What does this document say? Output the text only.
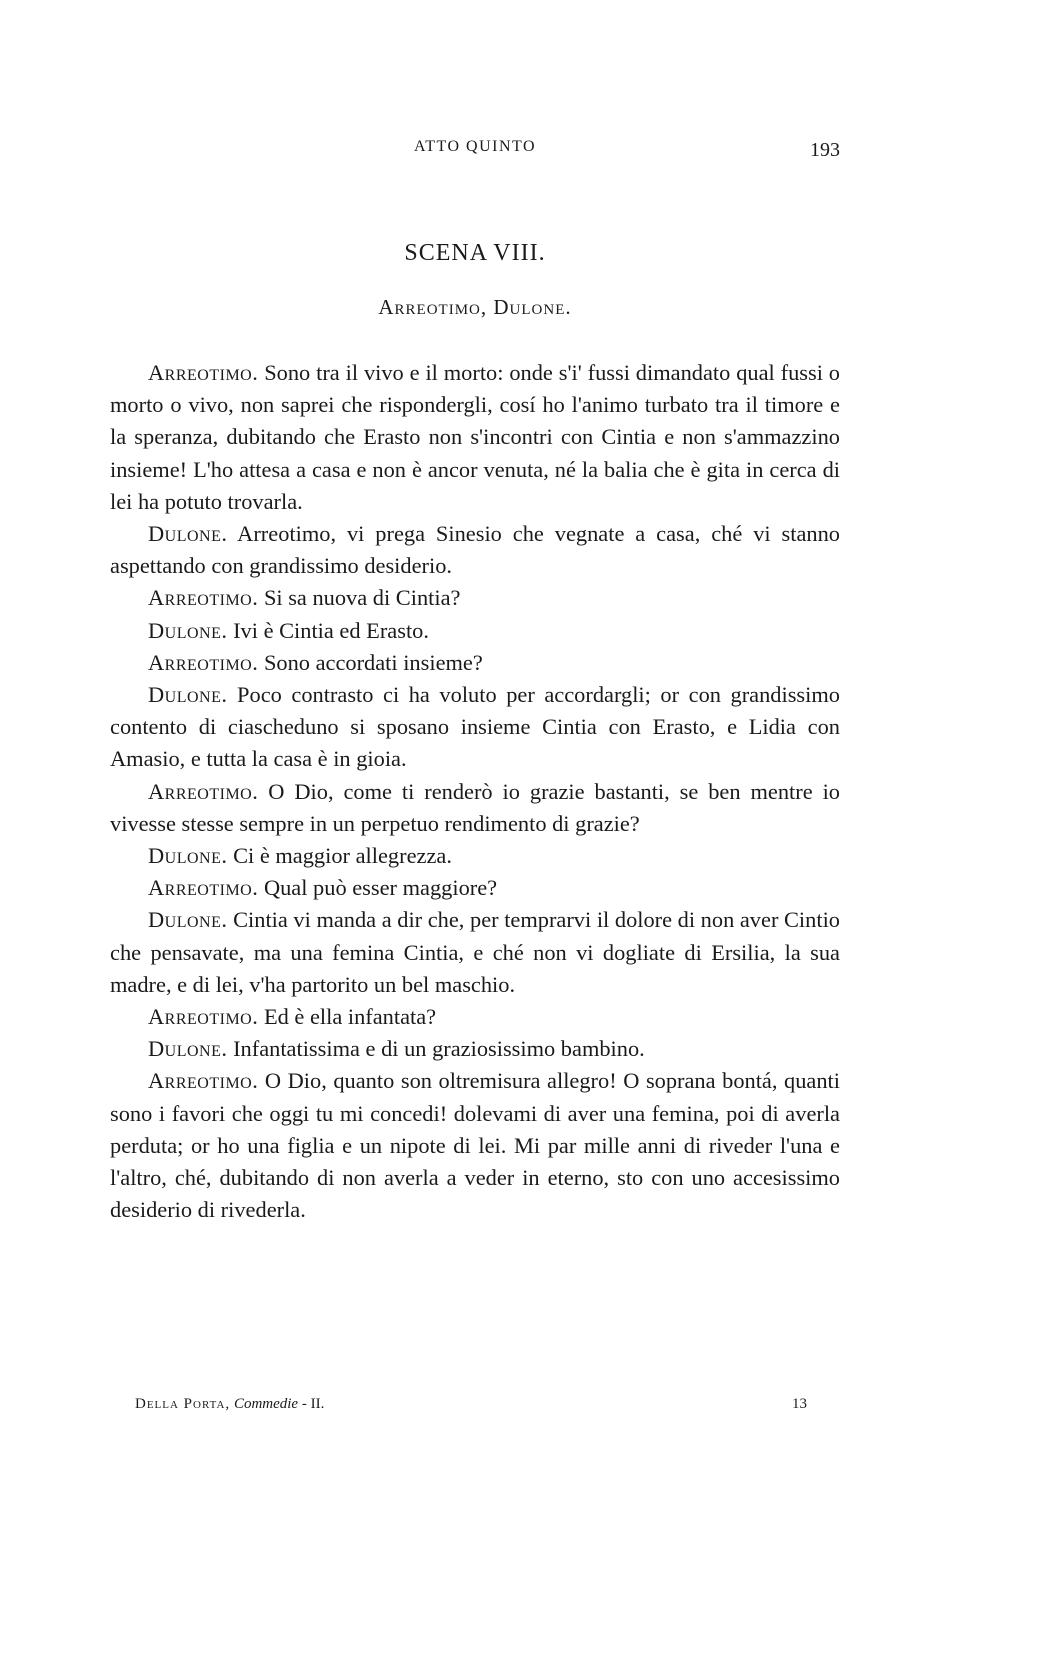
ATTO QUINTO	193
SCENA VIII.
Arreotimo, Dulone.

Arreotimo. Sono tra il vivo e il morto: onde s'i' fussi dimandato qual fussi o morto o vivo, non saprei che rispondergli, cosí ho l'animo turbato tra il timore e la speranza, dubitando che Erasto non s'incontri con Cintia e non s'ammazzino insieme! L'ho attesa a casa e non è ancor venuta, né la balia che è gita in cerca di lei ha potuto trovarla.

Dulone. Arreotimo, vi prega Sinesio che vegnate a casa, ché vi stanno aspettando con grandissimo desiderio.

Arreotimo. Si sa nuova di Cintia?

Dulone. Ivi è Cintia ed Erasto.

Arreotimo. Sono accordati insieme?

Dulone. Poco contrasto ci ha voluto per accordargli; or con grandissimo contento di ciascheduno si sposano insieme Cintia con Erasto, e Lidia con Amasio, e tutta la casa è in gioia.

Arreotimo. O Dio, come ti renderò io grazie bastanti, se ben mentre io vivesse stesse sempre in un perpetuo rendimento di grazie?

Dulone. Ci è maggior allegrezza.

Arreotimo. Qual può esser maggiore?

Dulone. Cintia vi manda a dir che, per temprarvi il dolore di non aver Cintio che pensavate, ma una femina Cintia, e ché non vi dogliate di Ersilia, la sua madre, e di lei, v'ha partorito un bel maschio.

Arreotimo. Ed è ella infantata?

Dulone. Infantatissima e di un graziosissimo bambino.

Arreotimo. O Dio, quanto son oltremisura allegro! O soprana bontá, quanti sono i favori che oggi tu mi concedi! dolevami di aver una femina, poi di averla perduta; or ho una figlia e un nipote di lei. Mi par mille anni di riveder l'una e l'altro, ché, dubitando di non averla a veder in eterno, sto con uno accesissimo desiderio di rivederla.

Della Porta, Commedie - II.	13
